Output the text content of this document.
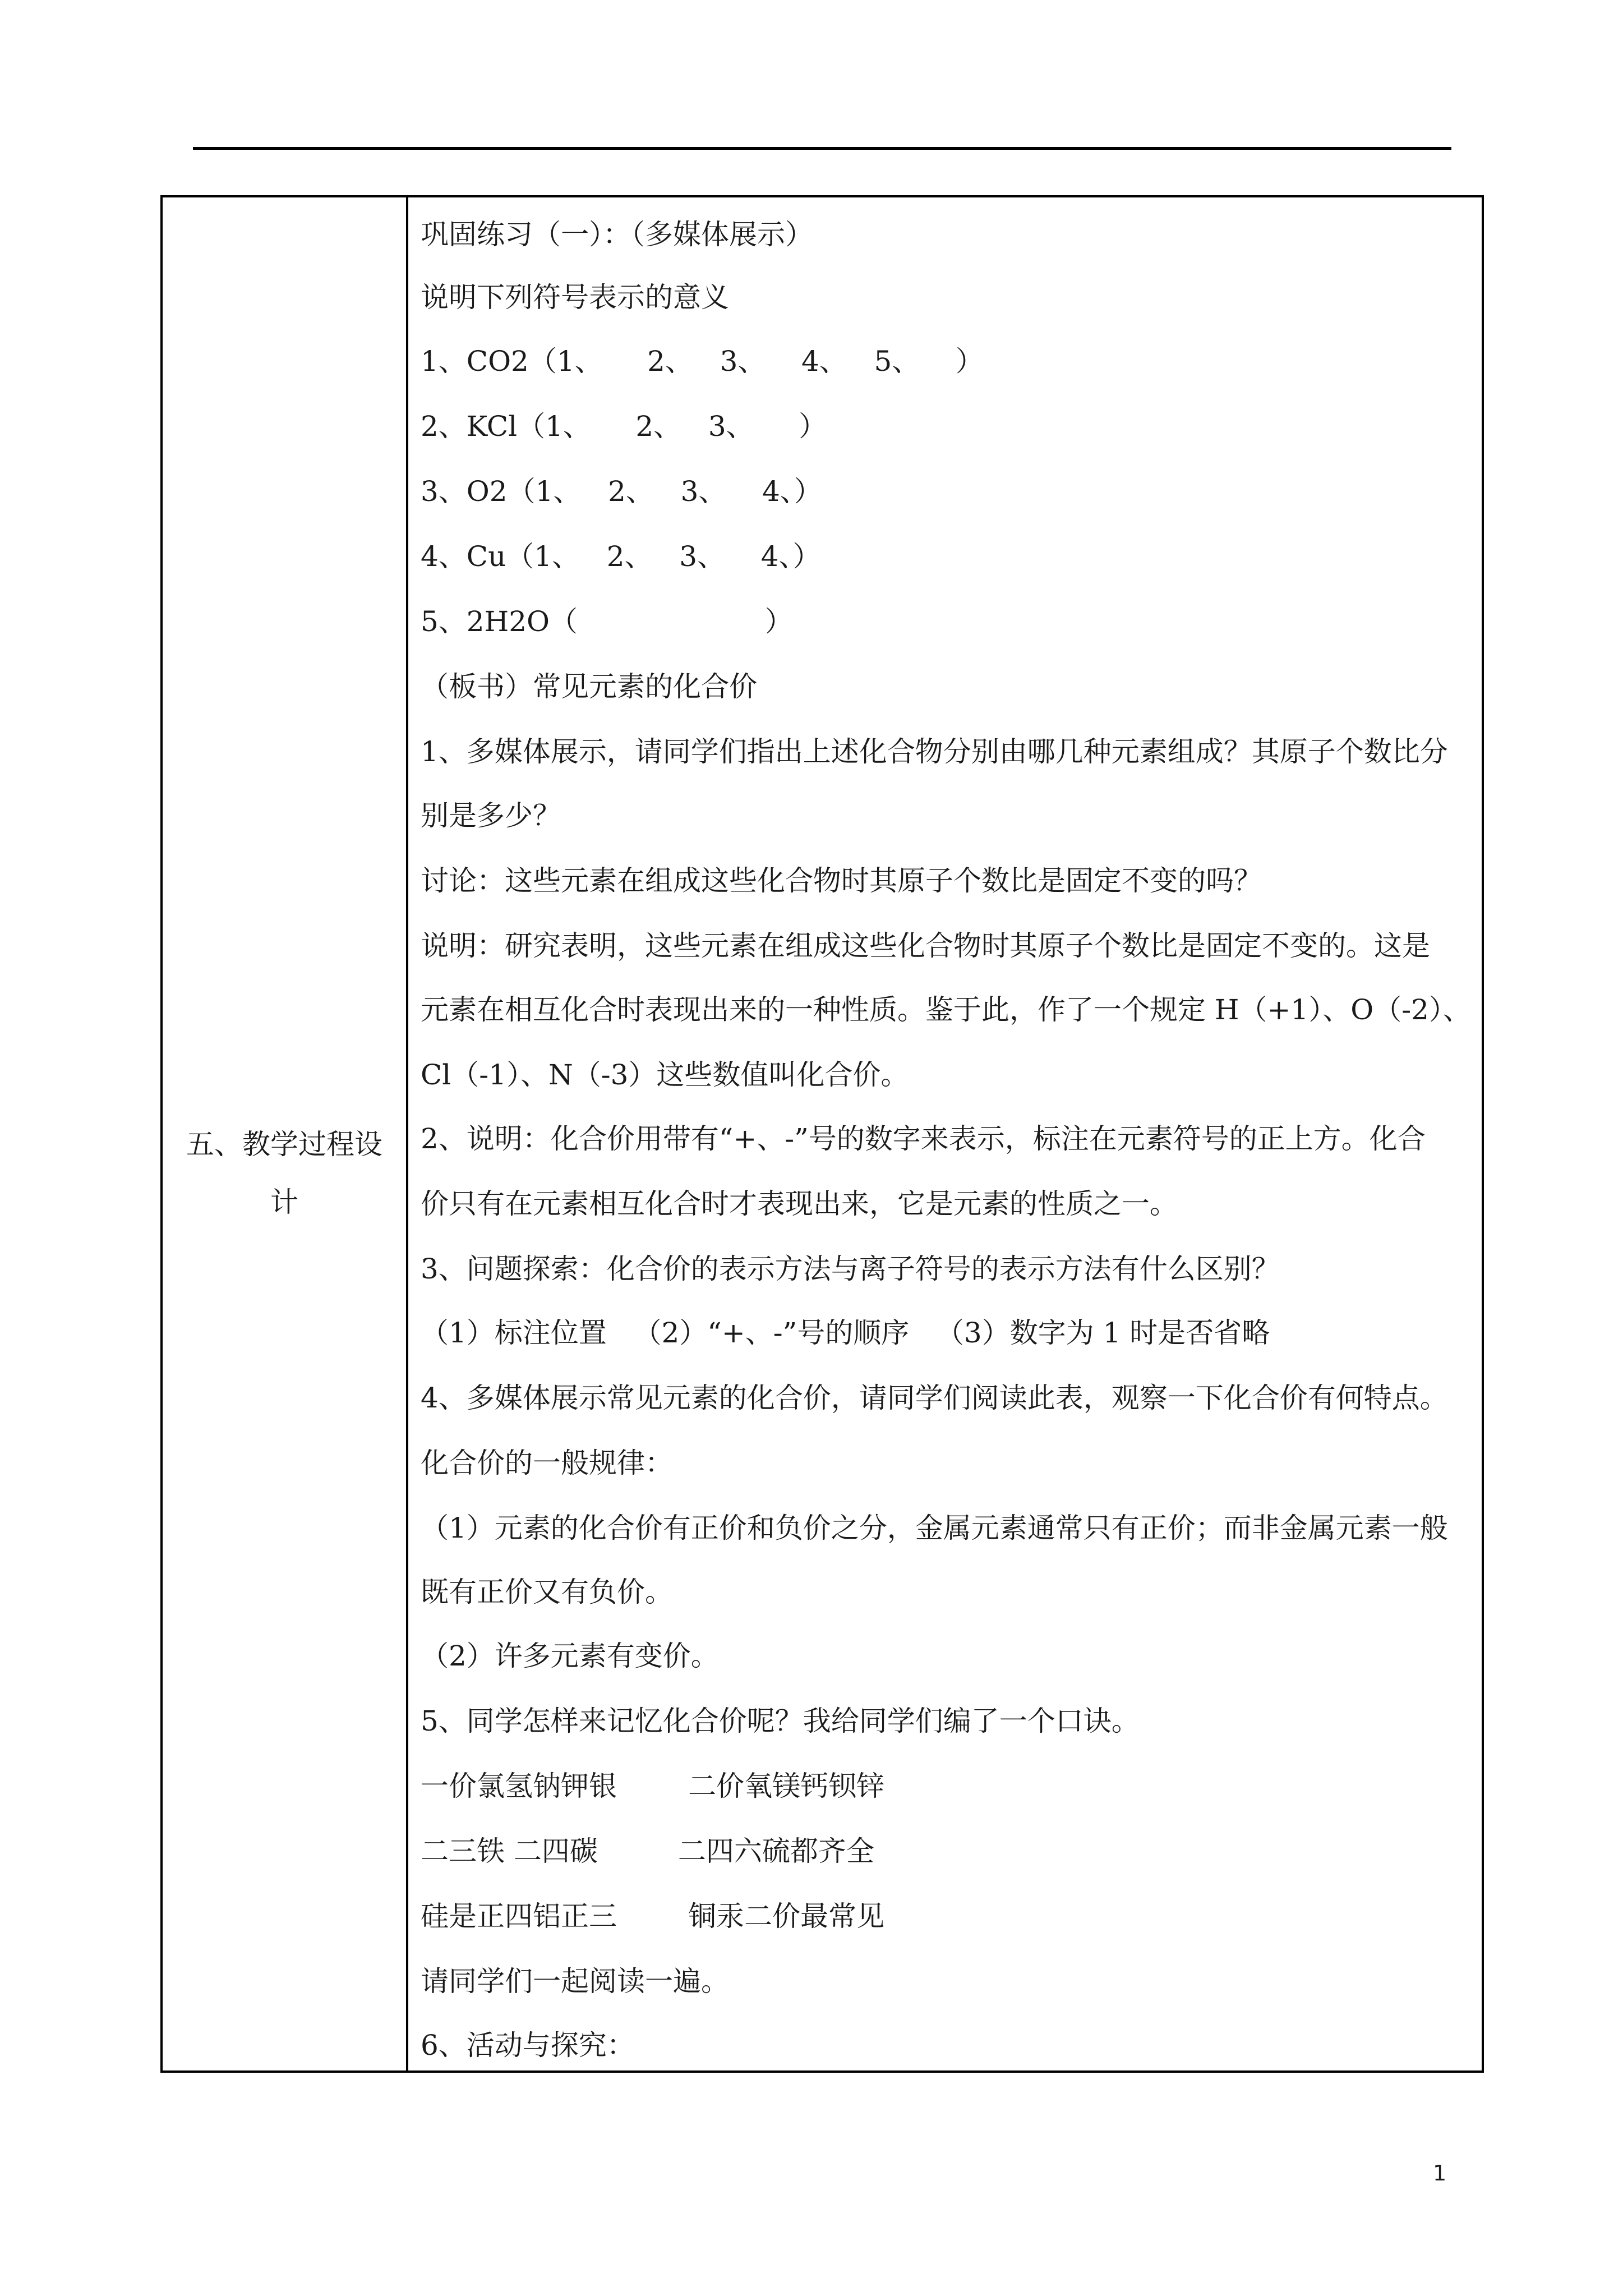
五、教学过程设
计
巩固练习（一）：（多媒体展示）
说明下列符号表示的意义
1、CO2（1、     2、   3、    4、   5、    ）
2、KCl（1、     2、   3、     ）
3、O2（1、   2、   3、    4、）
4、Cu（1、   2、   3、    4、）
5、2H2O（                     ）
（板书）常见元素的化合价
1、多媒体展示，请同学们指出上述化合物分别由哪几种元素组成？其原子个数比分
别是多少？
讨论：这些元素在组成这些化合物时其原子个数比是固定不变的吗？
说明：研究表明，这些元素在组成这些化合物时其原子个数比是固定不变的。这是
元素在相互化合时表现出来的一种性质。鉴于此，作了一个规定 H（+1）、O（-2）、
Cl（-1）、N（-3）这些数值叫化合价。
2、说明：化合价用带有“+、-”号的数字来表示，标注在元素符号的正上方。化合
价只有在元素相互化合时才表现出来，它是元素的性质之一。
3、问题探索：化合价的表示方法与离子符号的表示方法有什么区别？
（1）标注位置   （2）“+、-”号的顺序   （3）数字为 1 时是否省略
4、多媒体展示常见元素的化合价，请同学们阅读此表，观察一下化合价有何特点。
化合价的一般规律：
（1）元素的化合价有正价和负价之分，金属元素通常只有正价；而非金属元素一般
既有正价又有负价。
（2）许多元素有变价。
5、同学怎样来记忆化合价呢？我给同学们编了一个口诀。
一价氯氢钠钾银        二价氧镁钙钡锌
二三铁 二四碳         二四六硫都齐全
硅是正四铝正三        铜汞二价最常见
请同学们一起阅读一遍。
6、活动与探究：
1
